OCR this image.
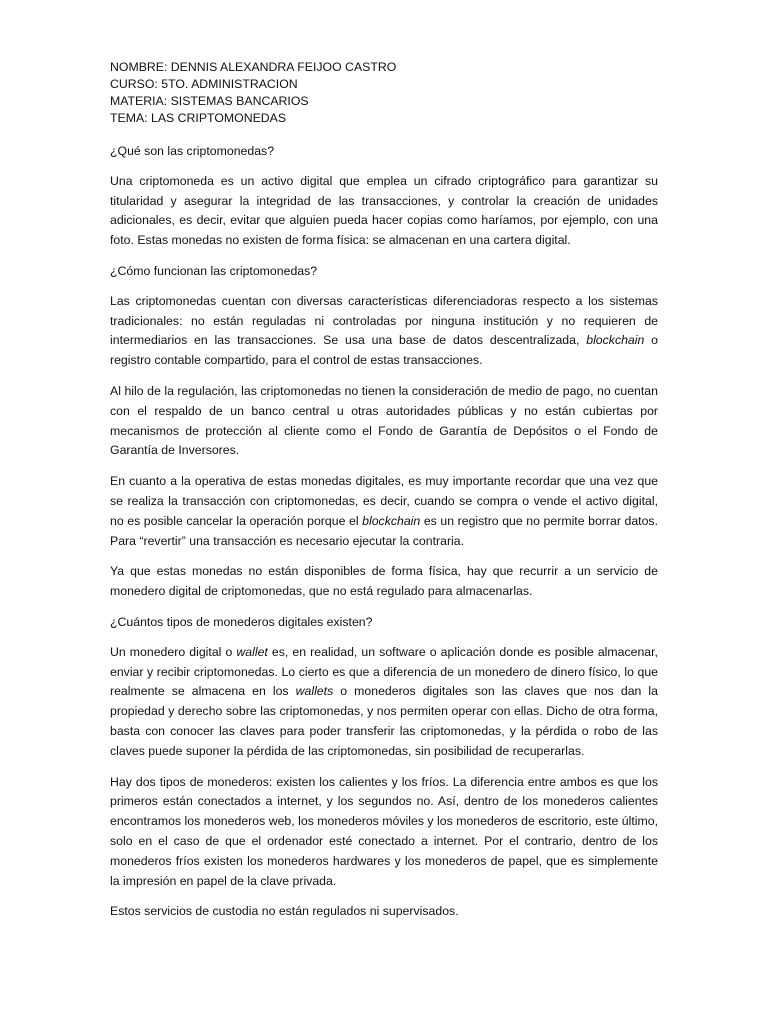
NOMBRE: DENNIS ALEXANDRA FEIJOO CASTRO

CURSO: 5TO. ADMINISTRACION

MATERIA: SISTEMAS BANCARIOS

TEMA: LAS CRIPTOMONEDAS

¿Qué son las criptomonedas?

Una criptomoneda es un activo digital que emplea un cifrado criptográfico para garantizar su titularidad y asegurar la integridad de las transacciones, y controlar la creación de unidades adicionales, es decir, evitar que alguien pueda hacer copias como haríamos, por ejemplo, con una foto. Estas monedas no existen de forma física: se almacenan en una cartera digital.

¿Cómo funcionan las criptomonedas?

Las criptomonedas cuentan con diversas características diferenciadoras respecto a los sistemas tradicionales: no están reguladas ni controladas por ninguna institución y no requieren de intermediarios en las transacciones. Se usa una base de datos descentralizada, blockchain o registro contable compartido, para el control de estas transacciones.

Al hilo de la regulación, las criptomonedas no tienen la consideración de medio de pago, no cuentan con el respaldo de un banco central u otras autoridades públicas y no están cubiertas por mecanismos de protección al cliente como el Fondo de Garantía de Depósitos o el Fondo de Garantía de Inversores.

En cuanto a la operativa de estas monedas digitales, es muy importante recordar que una vez que se realiza la transacción con criptomonedas, es decir, cuando se compra o vende el activo digital, no es posible cancelar la operación porque el blockchain es un registro que no permite borrar datos. Para “revertir” una transacción es necesario ejecutar la contraria.

Ya que estas monedas no están disponibles de forma física, hay que recurrir a un servicio de monedero digital de criptomonedas, que no está regulado para almacenarlas.

¿Cuántos tipos de monederos digitales existen?

Un monedero digital o wallet es, en realidad, un software o aplicación donde es posible almacenar, enviar y recibir criptomonedas. Lo cierto es que a diferencia de un monedero de dinero físico, lo que realmente se almacena en los wallets o monederos digitales son las claves que nos dan la propiedad y derecho sobre las criptomonedas, y nos permiten operar con ellas. Dicho de otra forma, basta con conocer las claves para poder transferir las criptomonedas, y la pérdida o robo de las claves puede suponer la pérdida de las criptomonedas, sin posibilidad de recuperarlas.

Hay dos tipos de monederos: existen los calientes y los fríos. La diferencia entre ambos es que los primeros están conectados a internet, y los segundos no. Así, dentro de los monederos calientes encontramos los monederos web, los monederos móviles y los monederos de escritorio, este último, solo en el caso de que el ordenador esté conectado a internet. Por el contrario, dentro de los monederos fríos existen los monederos hardwares y los monederos de papel, que es simplemente la impresión en papel de la clave privada.

Estos servicios de custodia no están regulados ni supervisados.
